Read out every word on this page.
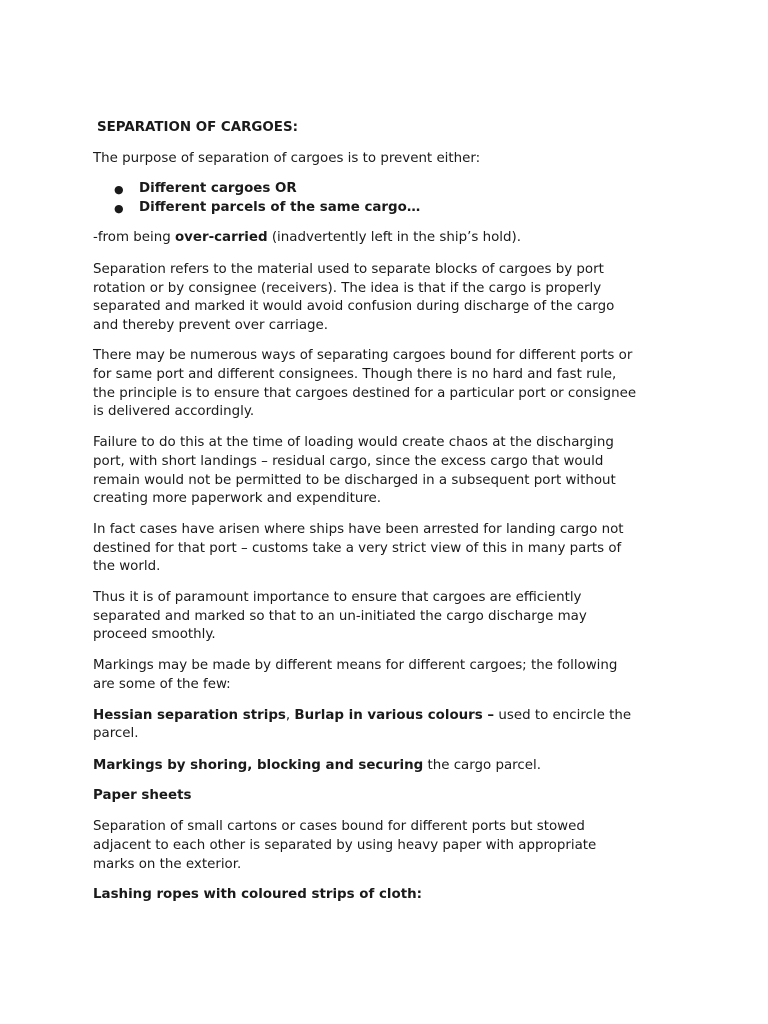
SEPARATION OF CARGOES:
The purpose of separation of cargoes is to prevent either:
● Different cargoes OR
● Different parcels of the same cargo…
-from being over-carried (inadvertently left in the ship’s hold).
Separation refers to the material used to separate blocks of cargoes by port
rotation or by consignee (receivers). The idea is that if the cargo is properly
separated and marked it would avoid confusion during discharge of the cargo
and thereby prevent over carriage.
There may be numerous ways of separating cargoes bound for different ports or
for same port and different consignees. Though there is no hard and fast rule,
the principle is to ensure that cargoes destined for a particular port or consignee
is delivered accordingly.
Failure to do this at the time of loading would create chaos at the discharging
port, with short landings – residual cargo, since the excess cargo that would
remain would not be permitted to be discharged in a subsequent port without
creating more paperwork and expenditure.
In fact cases have arisen where ships have been arrested for landing cargo not
destined for that port – customs take a very strict view of this in many parts of
the world.
Thus it is of paramount importance to ensure that cargoes are efficiently
separated and marked so that to an un-initiated the cargo discharge may
proceed smoothly.
Markings may be made by different means for different cargoes; the following
are some of the few:
Hessian separation strips, Burlap in various colours – used to encircle the
parcel.
Markings by shoring, blocking and securing the cargo parcel.
Paper sheets
Separation of small cartons or cases bound for different ports but stowed
adjacent to each other is separated by using heavy paper with appropriate
marks on the exterior.
Lashing ropes with coloured strips of cloth:
